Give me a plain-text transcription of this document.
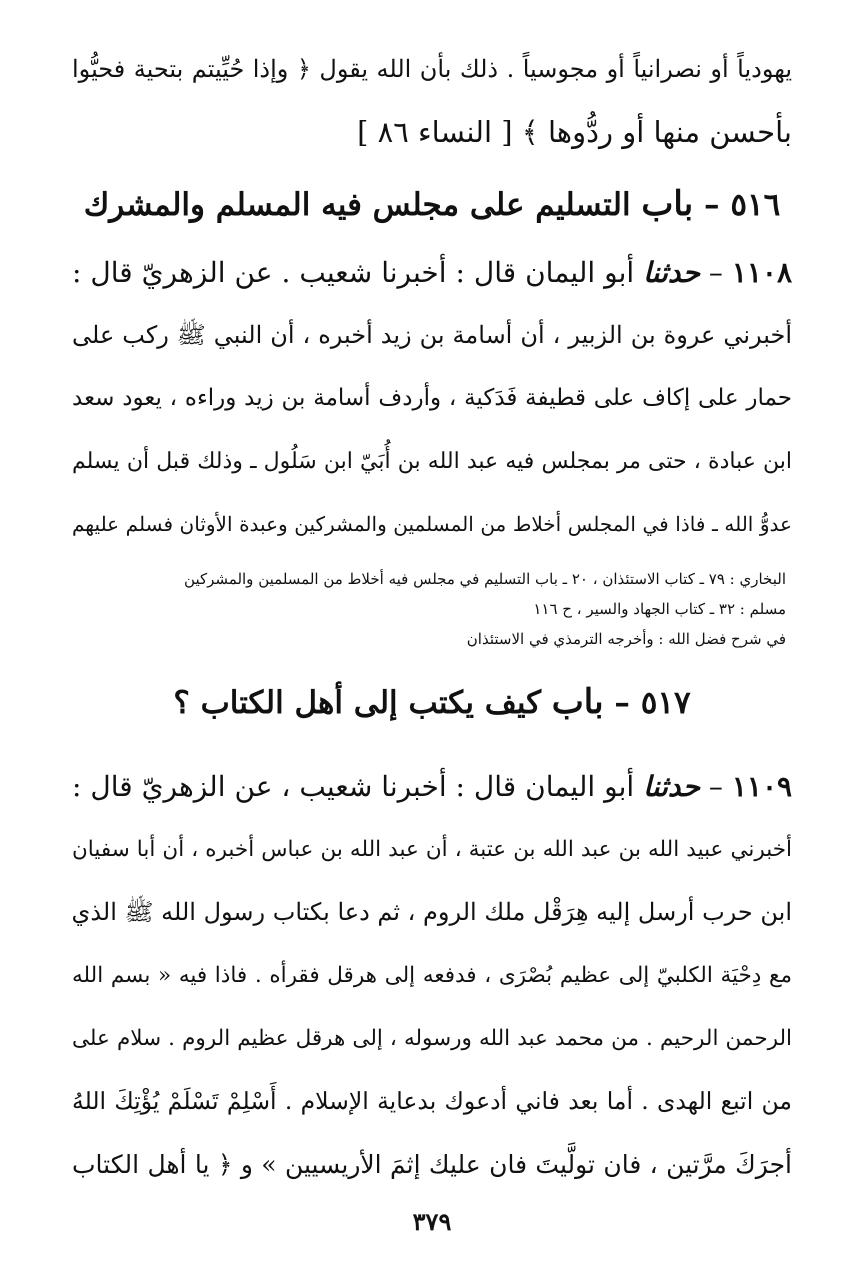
يهودياً أو نصرانياً أو مجوسياً . ذلك بأن الله يقول ﴿ وإذا حُيِّيتم بتحية فحيُّوا
بأحسن منها أو ردُّوها ﴾ [ النساء ٨٦ ]
٥١٦ – باب التسليم على مجلس فيه المسلم والمشرك
١١٠٨ – حدثنا أبو اليمان قال : أخبرنا شعيب . عن الزهريّ قال :
أخبرني عروة بن الزبير ، أن أسامة بن زيد أخبره ، أن النبي ﷺ ركب على
حمار على إكاف على قطيفة فَدَكية ، وأردف أسامة بن زيد وراءه ، يعود سعد
ابن عبادة ، حتى مر بمجلس فيه عبد الله بن أُبَيّ ابن سَلُول ـ وذلك قبل أن يسلم
عدوُّ الله ـ فاذا في المجلس أخلاط من المسلمين والمشركين وعبدة الأوثان فسلم عليهم
البخاري : ٧٩ ـ كتاب الاستئذان ، ٢٠ ـ باب التسليم في مجلس فيه أخلاط من المسلمين والمشركين
مسلم : ٣٢ ـ كتاب الجهاد والسير ، ح ١١٦
في شرح فضل الله : وأخرجه الترمذي في الاستئذان
٥١٧ – باب كيف يكتب إلى أهل الكتاب ؟
١١٠٩ – حدثنا أبو اليمان قال : أخبرنا شعيب ، عن الزهريّ قال :
أخبرني عبيد الله بن عبد الله بن عتبة ، أن عبد الله بن عباس أخبره ، أن أبا سفيان
ابن حرب أرسل إليه هِرَقْل ملك الروم ، ثم دعا بكتاب رسول الله ﷺ الذي
مع دِحْيَة الكلبيّ إلى عظيم بُصْرَى ، فدفعه إلى هرقل فقرأه . فاذا فيه « بسم الله
الرحمن الرحيم . من محمد عبد الله ورسوله ، إلى هرقل عظيم الروم . سلام على
من اتبع الهدى . أما بعد فاني أدعوك بدعاية الإسلام . أَسْلِمْ تَسْلَمْ يُؤْتِكَ اللهُ
أجرَكَ مرَّتين ، فان تولَّيتَ فان عليك إثمَ الأريسيين » و ﴿ يا أهل الكتاب
٣٧٩
